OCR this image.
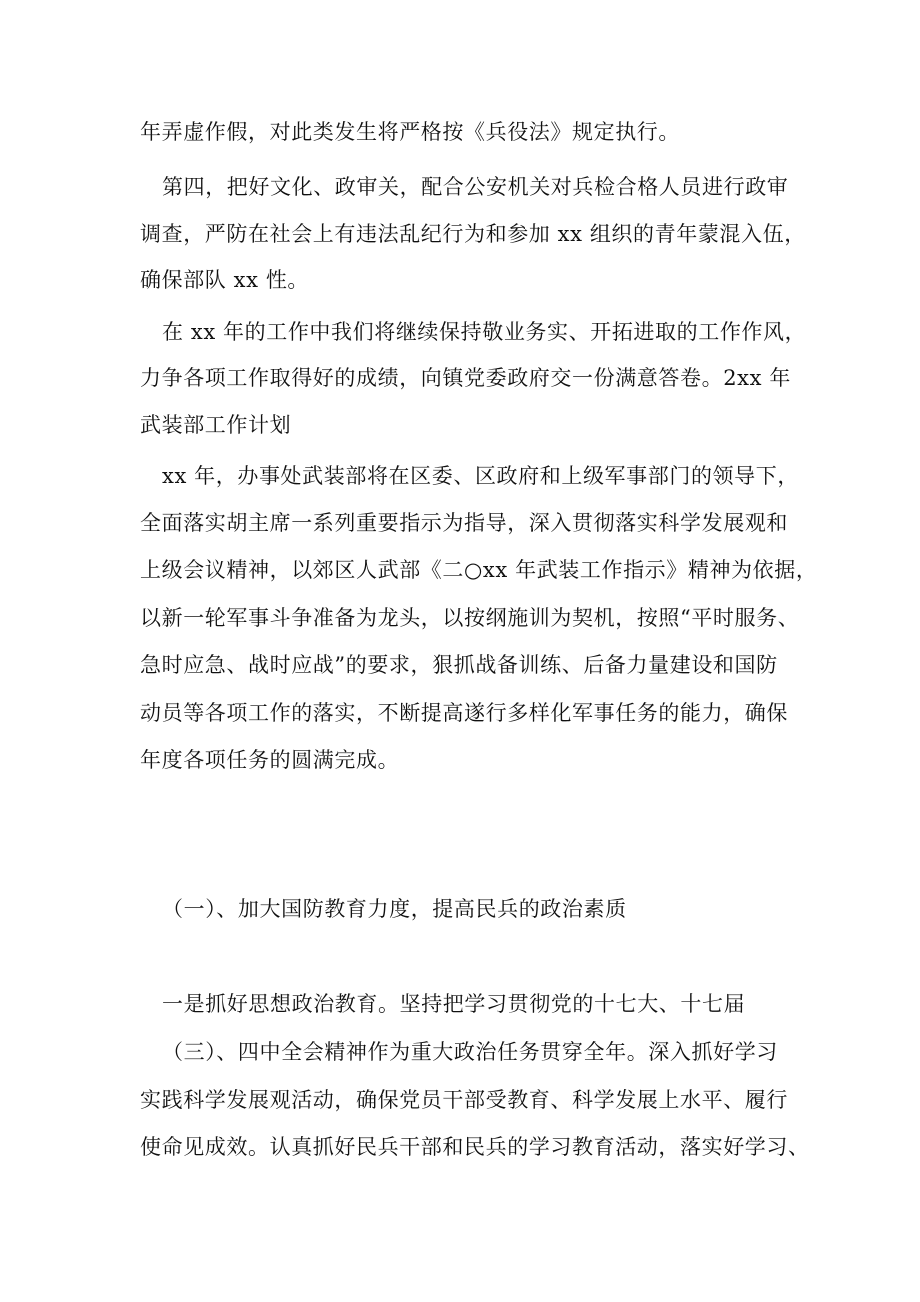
年弄虚作假，对此类发生将严格按《兵役法》规定执行。
第四，把好文化、政审关，配合公安机关对兵检合格人员进行政审
调查，严防在社会上有违法乱纪行为和参加 xx 组织的青年蒙混入伍，
确保部队 xx 性。
在 xx 年的工作中我们将继续保持敬业务实、开拓进取的工作作风，
力争各项工作取得好的成绩，向镇党委政府交一份满意答卷。2xx 年
武装部工作计划
xx 年，办事处武装部将在区委、区政府和上级军事部门的领导下，
全面落实胡主席一系列重要指示为指导，深入贯彻落实科学发展观和
上级会议精神，以郊区人武部《二○xx 年武装工作指示》精神为依据，
以新一轮军事斗争准备为龙头，以按纲施训为契机，按照“平时服务、
急时应急、战时应战”的要求，狠抓战备训练、后备力量建设和国防
动员等各项工作的落实，不断提高遂行多样化军事任务的能力，确保
年度各项任务的圆满完成。
（一）、加大国防教育力度，提高民兵的政治素质
一是抓好思想政治教育。坚持把学习贯彻党的十七大、十七届
（三）、四中全会精神作为重大政治任务贯穿全年。深入抓好学习
实践科学发展观活动，确保党员干部受教育、科学发展上水平、履行
使命见成效。认真抓好民兵干部和民兵的学习教育活动，落实好学习、
